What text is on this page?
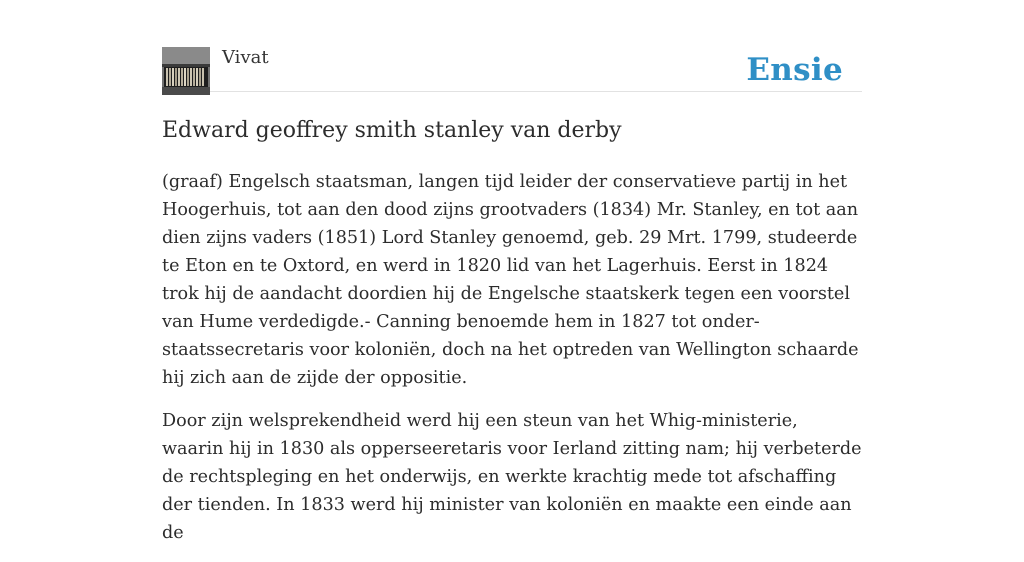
Vivat	Ensie
Edward geoffrey smith stanley van derby

(graaf) Engelsch staatsman, langen tijd leider der conservatieve partij in het Hoogerhuis, tot aan den dood zijns grootvaders (1834) Mr. Stanley, en tot aan dien zijns vaders (1851) Lord Stanley genoemd, geb. 29 Mrt. 1799, studeerde te Eton en te Oxtord, en werd in 1820 lid van het Lagerhuis. Eerst in 1824 trok hij de aandacht doordien hij de Engelsche staatskerk tegen een voorstel van Hume verdedigde.- Canning benoemde hem in 1827 tot onder-staatssecretaris voor koloniën, doch na het optreden van Wellington schaarde hij zich aan de zijde der oppositie.

Door zijn welsprekendheid werd hij een steun van het Whig-ministerie, waarin hij in 1830 als opperseeretaris voor Ierland zitting nam; hij verbeterde de rechtspleging en het onderwijs, en werkte krachtig mede tot afschaffing der tienden. In 1833 werd hij minister van koloniën en maakte een einde aan de
